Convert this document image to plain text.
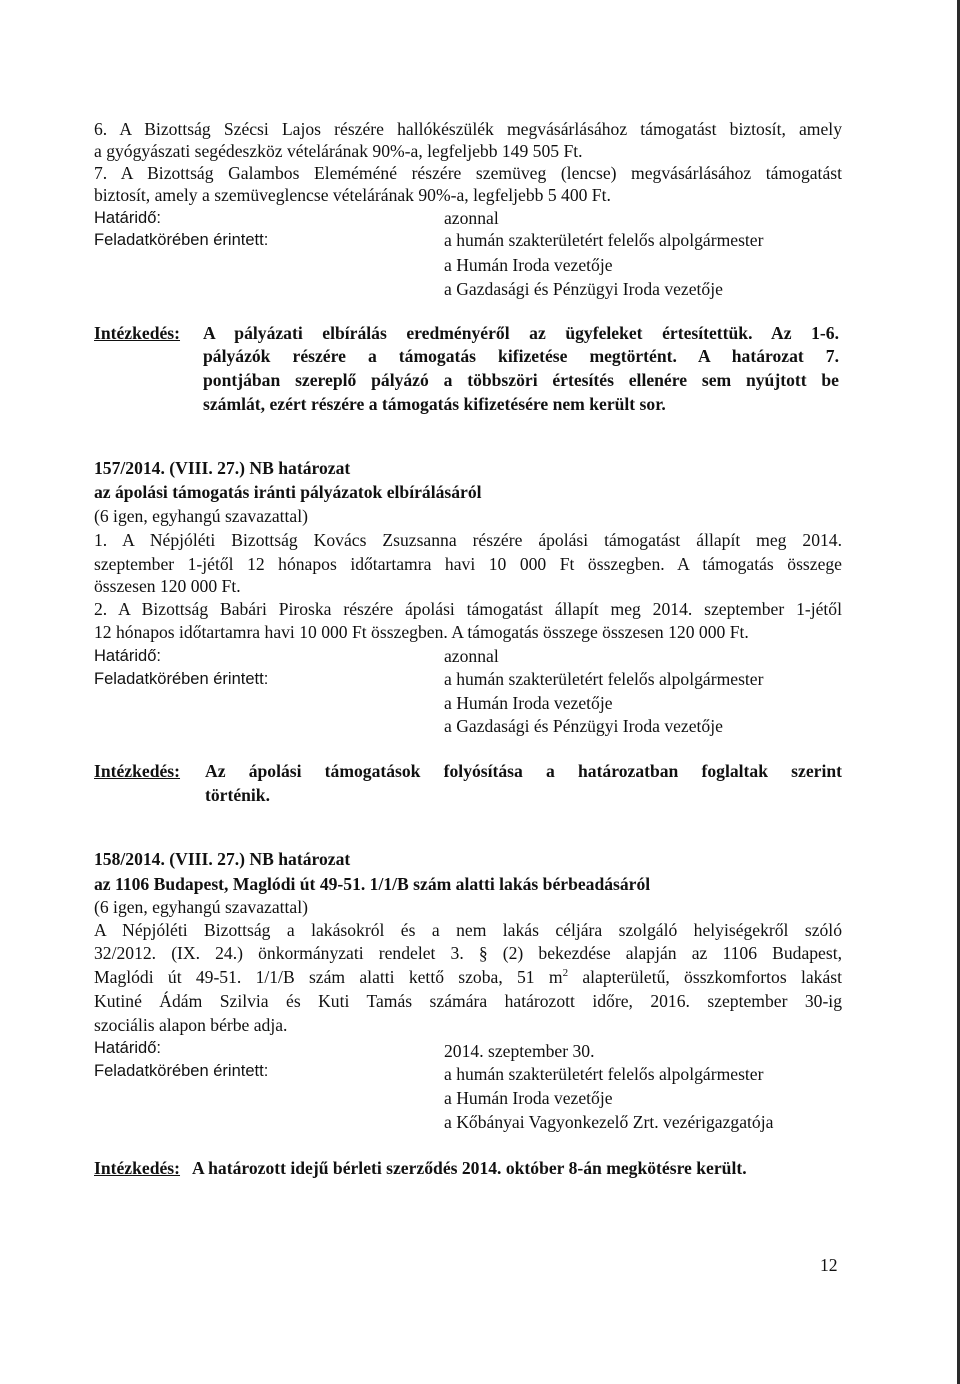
6. A Bizottság Szécsi Lajos részére hallókészülék megvásárlásához támogatást biztosít, amely
a gyógyászati segédeszköz vételárának 90%-a, legfeljebb 149 505 Ft.
7. A Bizottság Galambos Eleméméné részére szemüveg (lencse) megvásárlásához támogatást
biztosít, amely a szemüveglencse vételárának 90%-a, legfeljebb 5 400 Ft.
Határidő:	azonnal
Feladatkörében érintett:	a humán szakterületért felelős alpolgármester
a Humán Iroda vezetője
a Gazdasági és Pénzügyi Iroda vezetője
Intézkedés: A pályázati elbírálás eredményéről az ügyfeleket értesítettük. Az 1-6.
pályázók részére a támogatás kifizetése megtörtént. A határozat 7.
pontjában szereplő pályázó a többszöri értesítés ellenére sem nyújtott be
számlát, ezért részére a támogatás kifizetésére nem került sor.
157/2014. (VIII. 27.) NB határozat
az ápolási támogatás iránti pályázatok elbírálásáról
(6 igen, egyhangú szavazattal)
1. A Népjóléti Bizottság Kovács Zsuzsanna részére ápolási támogatást állapít meg 2014.
szeptember 1-jétől 12 hónapos időtartamra havi 10 000 Ft összegben. A támogatás összege
összesen 120 000 Ft.
2. A Bizottság Babári Piroska részére ápolási támogatást állapít meg 2014. szeptember 1-jétől
12 hónapos időtartamra havi 10 000 Ft összegben. A támogatás összege összesen 120 000 Ft.
Határidő:	azonnal
Feladatkörében érintett:	a humán szakterületért felelős alpolgármester
a Humán Iroda vezetője
a Gazdasági és Pénzügyi Iroda vezetője
Intézkedés: Az ápolási támogatások folyósítása a határozatban foglaltak szerint
történik.
158/2014. (VIII. 27.) NB határozat
az 1106 Budapest, Maglódi út 49-51. 1/1/B szám alatti lakás bérbeadásáról
(6 igen, egyhangú szavazattal)
A Népjóléti Bizottság a lakásokról és a nem lakás céljára szolgáló helyiségekről szóló
32/2012. (IX. 24.) önkormányzati rendelet 3. § (2) bekezdése alapján az 1106 Budapest,
Maglódi út 49-51. 1/1/B szám alatti kettő szoba, 51 $m^2$ alapterületű, összkomfortos lakást
Kutiné Ádám Szilvia és Kuti Tamás számára határozott időre, 2016. szeptember 30-ig
szociális alapon bérbe adja.
Határidő:	2014. szeptember 30.
Feladatkörében érintett:	a humán szakterületért felelős alpolgármester
a Humán Iroda vezetője
a Kőbányai Vagyonkezelő Zrt. vezérigazgatója
Intézkedés: A határozott idejű bérleti szerződés 2014. október 8-án megkötésre került.
12
